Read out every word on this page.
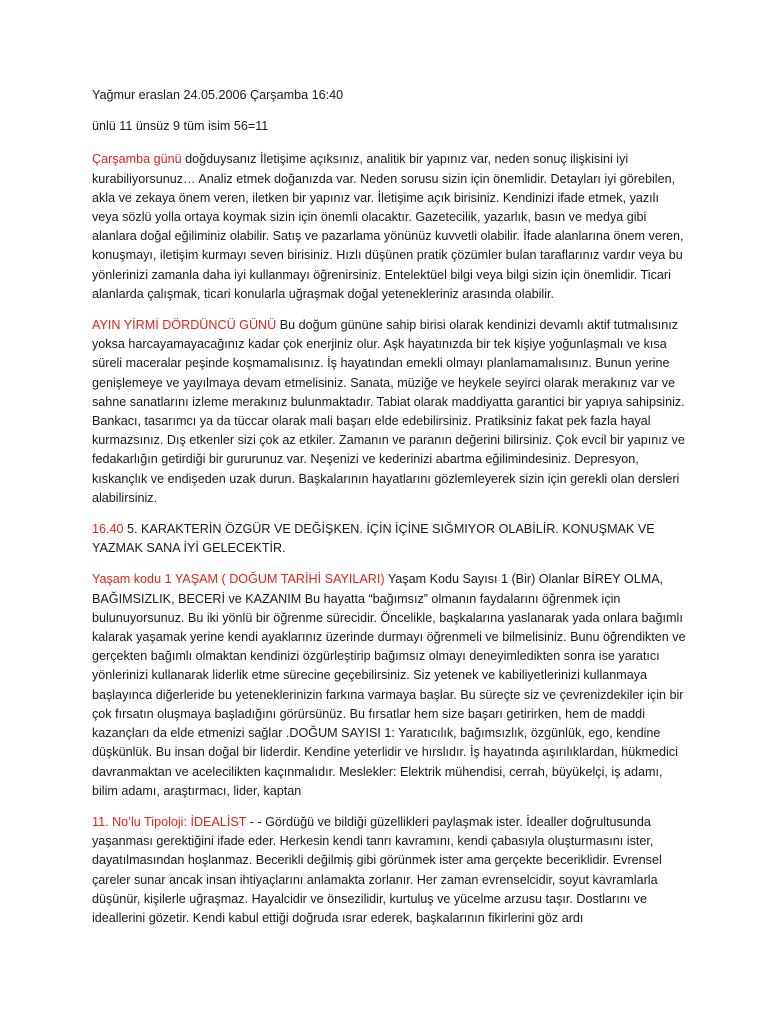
Yağmur eraslan 24.05.2006 Çarşamba 16:40

ünlü 11 ünsüz 9 tüm isim 56=11

Çarşamba günü doğduysanız İletişime açıksınız, analitik bir yapınız var, neden sonuç ilişkisini iyi kurabiliyorsunuz… Analiz etmek doğanızda var. Neden sorusu sizin için önemlidir. Detayları iyi görebilen, akla ve zekaya önem veren, iletken bir yapınız var. İletişime açık birisiniz. Kendinizi ifade etmek, yazılı veya sözlü yolla ortaya koymak sizin için önemli olacaktır. Gazetecilik, yazarlık, basın ve medya gibi alanlara doğal eğiliminiz olabilir. Satış ve pazarlama yönünüz kuvvetli olabilir. İfade alanlarına önem veren, konuşmayı, iletişim kurmayı seven birisiniz. Hızlı düşünen pratik çözümler bulan taraflarınız vardır veya bu yönlerinizi zamanla daha iyi kullanmayı öğrenirsiniz. Entelektüel bilgi veya bilgi sizin için önemlidir. Ticari alanlarda çalışmak, ticari konularla uğraşmak doğal yetenekleriniz arasında olabilir.

AYIN YİRMİ DÖRDÜNCÜ GÜNÜ Bu doğum gününe sahip birisi olarak kendinizi devamlı aktif tutmalısınız yoksa harcayamayacağınız kadar çok enerjiniz olur. Aşk hayatınızda bir tek kişiye yoğunlaşmalı ve kısa süreli maceralar peşinde koşmamalısınız. İş hayatından emekli olmayı planlamamalısınız. Bunun yerine genişlemeye ve yayılmaya devam etmelisiniz. Sanata, müziğe ve heykele seyirci olarak merakınız var ve sahne sanatlarını izleme merakınız bulunmaktadır. Tabiat olarak maddiyatta garantici bir yapıya sahipsiniz. Bankacı, tasarımcı ya da tüccar olarak mali başarı elde edebilirsiniz. Pratiksiniz fakat pek fazla hayal kurmazsınız. Dış etkenler sizi çok az etkiler. Zamanın ve paranın değerini bilirsiniz. Çok evcil bir yapınız ve fedakarlığın getirdiği bir gururunuz var. Neşenizi ve kederinizi abartma eğilimindesiniz. Depresyon, kıskançlık ve endişeden uzak durun. Başkalarının hayatlarını gözlemleyerek sizin için gerekli olan dersleri alabilirsiniz.

16.40 5. KARAKTERİN ÖZGÜR VE DEĞİŞKEN. İÇİN İÇİNE SIĞMIYOR OLABİLİR. KONUŞMAK VE YAZMAK SANA İYİ GELECEKTİR.

Yaşam kodu 1 YAŞAM ( DOĞUM TARİHİ SAYILARI) Yaşam Kodu Sayısı 1 (Bir) Olanlar BİREY OLMA, BAĞIMSIZLIK, BECERİ ve KAZANIM Bu hayatta “bağımsız” olmanın faydalarını öğrenmek için bulunuyorsunuz. Bu iki yönlü bir öğrenme sürecidir. Öncelikle, başkalarına yaslanarak yada onlara bağımlı kalarak yaşamak yerine kendi ayaklarınız üzerinde durmayı öğrenmeli ve bilmelisiniz. Bunu öğrendikten ve gerçekten bağımlı olmaktan kendinizi özgürleştirip bağımsız olmayı deneyimledikten sonra ise yaratıcı yönlerinizi kullanarak liderlik etme sürecine geçebilirsiniz. Siz yetenek ve kabiliyetlerinizi kullanmaya başlayınca diğerleride bu yeteneklerinizin farkına varmaya başlar. Bu süreçte siz ve çevrenizdekiler için bir çok fırsatın oluşmaya başladığını görürsünüz. Bu fırsatlar hem size başarı getirirken, hem de maddi kazançları da elde etmenizi sağlar .DOĞUM SAYISI 1: Yaratıcılık, bağımsızlık, özgünlük, ego, kendine düşkünlük. Bu insan doğal bir liderdir. Kendine yeterlidir ve hırslıdır. İş hayatında aşırılıklardan, hükmedici davranmaktan ve acelecilikten kaçınmalıdır. Meslekler: Elektrik mühendisi, cerrah, büyükelçi, iş adamı, bilim adamı, araştırmacı, lider, kaptan

11. No’lu Tipoloji: İDEALİST - - Gördüğü ve bildiği güzellikleri paylaşmak ister. İdealler doğrultusunda yaşanması gerektiğini ifade eder. Herkesin kendi tanrı kavramını, kendi çabasıyla oluşturmasını ister, dayatılmasından hoşlanmaz. Becerikli değilmiş gibi görünmek ister ama gerçekte beceriklidir. Evrensel çareler sunar ancak insan ihtiyaçlarını anlamakta zorlanır. Her zaman evrenselcidir, soyut kavramlarla düşünür, kişilerle uğraşmaz. Hayalcidir ve önsezilidir, kurtuluş ve yücelme arzusu taşır. Dostlarını ve ideallerini gözetir. Kendi kabul ettiği doğruda ısrar ederek, başkalarının fikirlerini göz ardı
